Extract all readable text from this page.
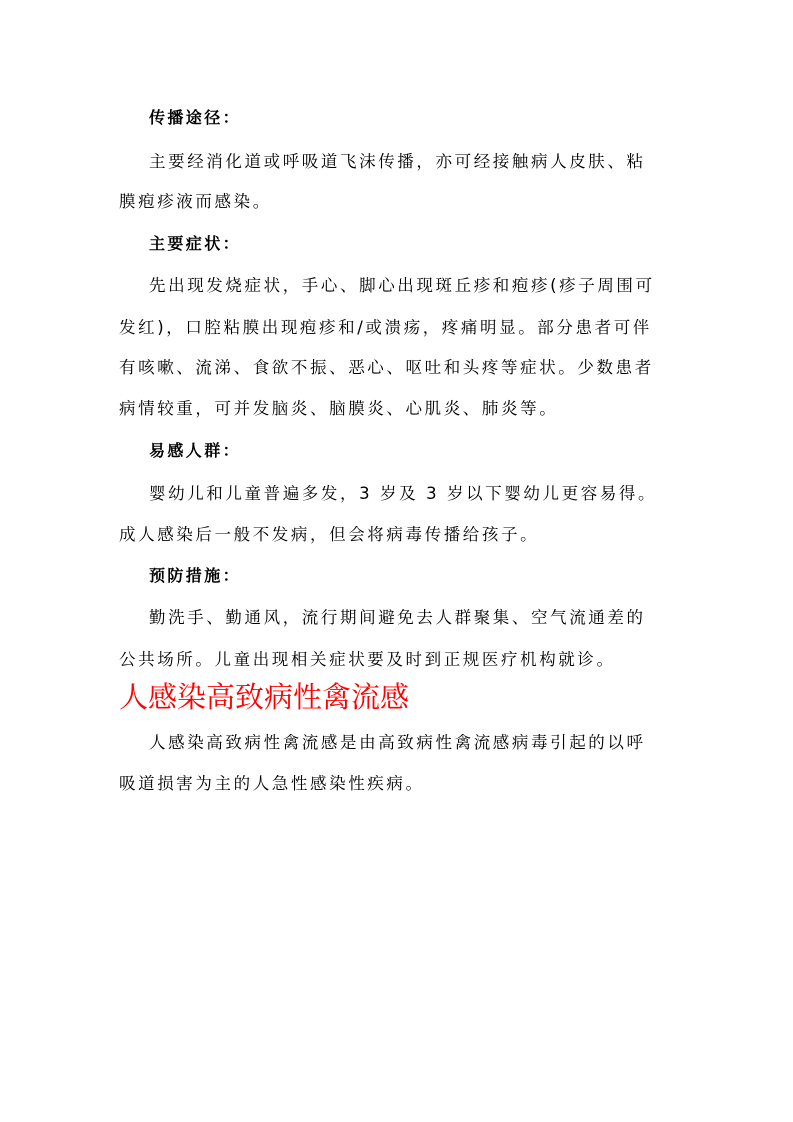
传播途径：
主要经消化道或呼吸道飞沫传播，亦可经接触病人皮肤、粘
膜疱疹液而感染。
主要症状：
先出现发烧症状，手心、脚心出现斑丘疹和疱疹(疹子周围可
发红)，口腔粘膜出现疱疹和/或溃疡，疼痛明显。部分患者可伴
有咳嗽、流涕、食欲不振、恶心、呕吐和头疼等症状。少数患者
病情较重，可并发脑炎、脑膜炎、心肌炎、肺炎等。
易感人群：
婴幼儿和儿童普遍多发，3 岁及 3 岁以下婴幼儿更容易得。
成人感染后一般不发病，但会将病毒传播给孩子。
预防措施：
勤洗手、勤通风，流行期间避免去人群聚集、空气流通差的
公共场所。儿童出现相关症状要及时到正规医疗机构就诊。
人感染高致病性禽流感
人感染高致病性禽流感是由高致病性禽流感病毒引起的以呼
吸道损害为主的人急性感染性疾病。
